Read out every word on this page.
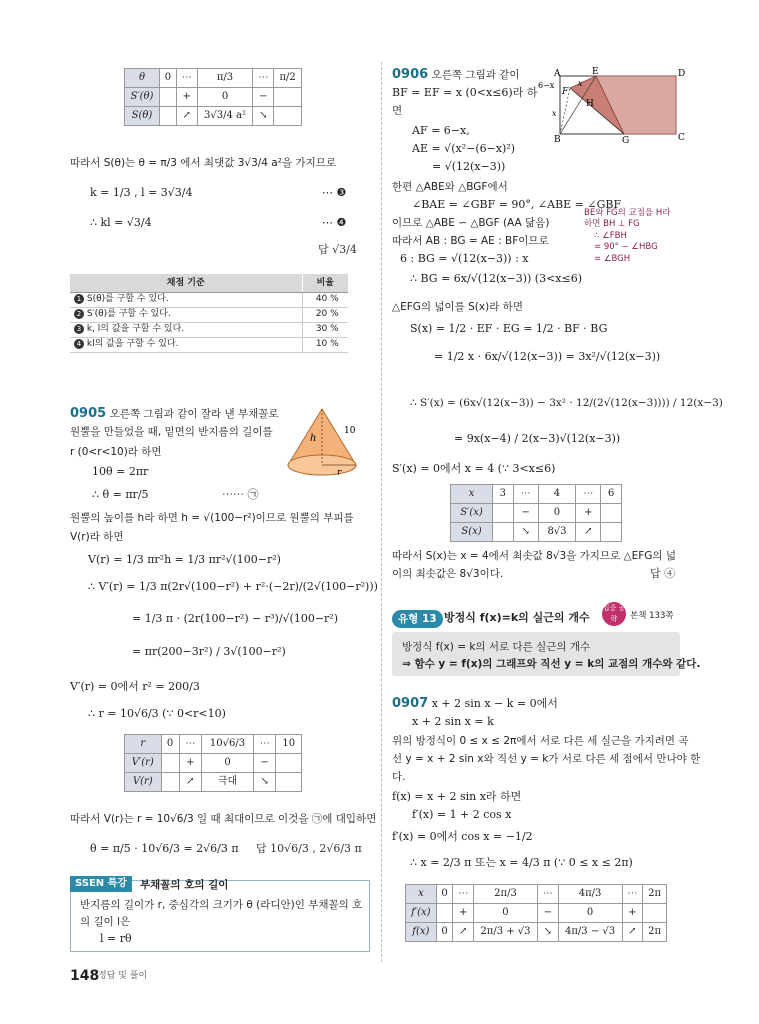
θ	0	⋯	π/3	⋯	π/2
S′(θ)		+	0	−	
S(θ)		↗	3√3/4 a²	↘	
따라서 S(θ)는 θ = π/3 에서 최댓값 3√3/4 a²을 가지므로
k = 1/3 , l = 3√3/4	⋯ ❸
∴ kl = √3/4	⋯ ❹
답 √3/4
채점 기준	비율
1 S(θ)를 구할 수 있다.	40 %
2 S′(θ)를 구할 수 있다.	20 %
3 k, l의 값을 구할 수 있다.	30 %
4 kl의 값을 구할 수 있다.	10 %
0905 오른쪽 그림과 같이 잘라 낸 부채꼴로
원뿔을 만들었을 때, 밑면의 반지름의 길이를
r (0<r<10)라 하면
h
10
r
10θ = 2πr
∴ θ = πr/5	⋯⋯ ㉠
원뿔의 높이를 h라 하면 h = √(100−r²)이므로 원뿔의 부피를
V(r)라 하면
V(r) = 1/3 πr²h = 1/3 πr²√(100−r²)
∴ V′(r) = 1/3 π(2r√(100−r²) + r²·(−2r)/(2√(100−r²)))
= 1/3 π · (2r(100−r²) − r³)/√(100−r²)
= πr(200−3r²) / 3√(100−r²)
V′(r) = 0에서 r² = 200/3
∴ r = 10√6/3 (∵ 0<r<10)
r	0	⋯	10√6/3	⋯	10
V′(r)		+	0	−	
V(r)		↗	극대	↘	
따라서 V(r)는 r = 10√6/3 일 때 최대이므로 이것을 ㉠에 대입하면
θ = π/5 · 10√6/3 = 2√6/3 π 답 10√6/3 , 2√6/3 π
SSEN 특강	부채꼴의 호의 길이
반지름의 길이가 r, 중심각의 크기가 θ (라디안)인 부채꼴의 호
의 길이 l은
l = rθ
0906 오른쪽 그림과 같이
BF = EF = x (0<x≤6)라 하
면
A	E	D
B	G	C
F
H
6−x
x
x
AF = 6−x,
AE = √(x²−(6−x)²)
= √(12(x−3))
한편 △ABE와 △BGF에서
∠BAE = ∠GBF = 90°, ∠ABE = ∠GBF
이므로 △ABE ∽ △BGF (AA 닮음)
따라서 AB : BG = AE : BF이므로
6 : BG = √(12(x−3)) : x
∴ BG = 6x/√(12(x−3)) (3<x≤6)
BE와 FG의 교점을 H라
하면 BH ⊥ FG
∴ ∠FBH
= 90° − ∠HBG
= ∠BGH
△EFG의 넓이를 S(x)라 하면
S(x) = 1/2 · EF · EG = 1/2 · BF · BG
= 1/2 x · 6x/√(12(x−3)) = 3x²/√(12(x−3))
∴ S′(x) = (6x√(12(x−3)) − 3x² · 12/(2√(12(x−3)))) / 12(x−3)
= 9x(x−4) / 2(x−3)√(12(x−3))
S′(x) = 0에서 x = 4 (∵ 3<x≤6)
x	3	⋯	4	⋯	6
S′(x)		−	0	+	
S(x)		↘	8√3	↗	
따라서 S(x)는 x = 4에서 최솟값 8√3을 가지므로 △EFG의 넓
이의 최솟값은 8√3이다.	답 ④
유형 13 방정식 f(x)=k의 실근의 개수
집중 공략	본책 133쪽
방정식 f(x) = k의 서로 다른 실근의 개수
⇒ 함수 y = f(x)의 그래프와 직선 y = k의 교점의 개수와 같다.
0907 x + 2 sin x − k = 0에서
x + 2 sin x = k
위의 방정식이 0 ≤ x ≤ 2π에서 서로 다른 세 실근을 가지려면 곡
선 y = x + 2 sin x와 직선 y = k가 서로 다른 세 점에서 만나야 한
다.
f(x) = x + 2 sin x라 하면
f′(x) = 1 + 2 cos x
f′(x) = 0에서 cos x = −1/2
∴ x = 2/3 π 또는 x = 4/3 π (∵ 0 ≤ x ≤ 2π)
x	0	⋯	2π/3	⋯	4π/3	⋯	2π
f′(x)		+	0	−	0	+	
f(x)	0	↗	2π/3 + √3	↘	4π/3 − √3	↗	2π
148
정답 및 풀이
